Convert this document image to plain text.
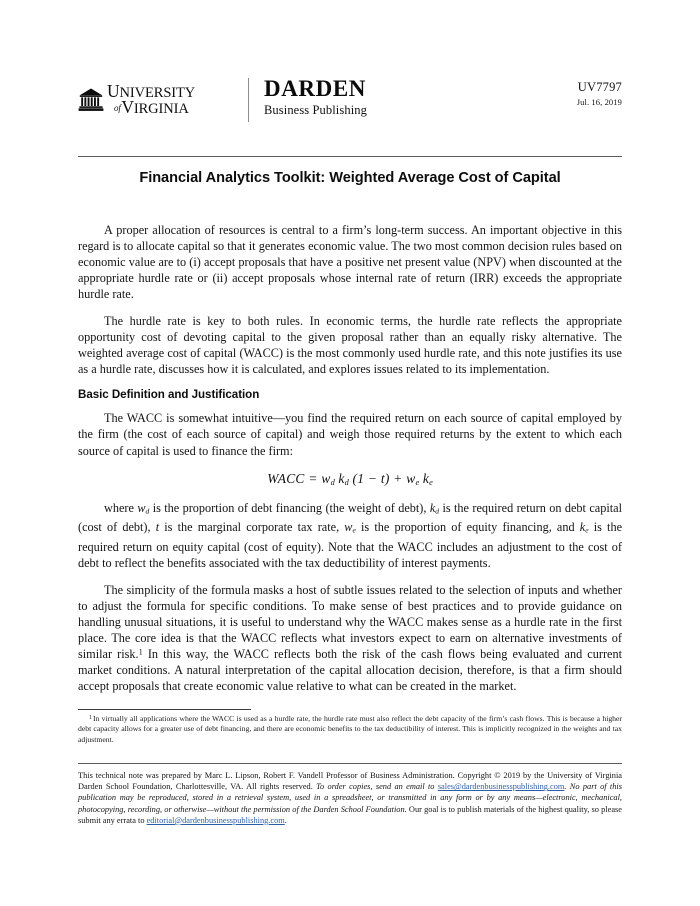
UNIVERSITY
ofVIRGINIA
DARDEN
Business Publishing
UV7797
Jul. 16, 2019
Financial Analytics Toolkit: Weighted Average Cost of Capital

A proper allocation of resources is central to a firm’s long-term success. An important objective in this regard is to allocate capital so that it generates economic value. The two most common decision rules based on economic value are to (i) accept proposals that have a positive net present value (NPV) when discounted at the appropriate hurdle rate or (ii) accept proposals whose internal rate of return (IRR) exceeds the appropriate hurdle rate.

The hurdle rate is key to both rules. In economic terms, the hurdle rate reflects the appropriate opportunity cost of devoting capital to the given proposal rather than an equally risky alternative. The weighted average cost of capital (WACC) is the most commonly used hurdle rate, and this note justifies its use as a hurdle rate, discusses how it is calculated, and explores issues related to its implementation.

Basic Definition and Justification

The WACC is somewhat intuitive—you find the required return on each source of capital employed by the firm (the cost of each source of capital) and weigh those required returns by the extent to which each source of capital is used to finance the firm:

WACC = $w_d$ $k_d$ $(1 - t) + w_e$ $k_e$

where $w_d$ is the proportion of debt financing (the weight of debt), $k_d$ is the required return on debt capital (cost of debt), t is the marginal corporate tax rate, $w_e$ is the proportion of equity financing, and $k_e$ is the required return on equity capital (cost of equity). Note that the WACC includes an adjustment to the cost of debt to reflect the benefits associated with the tax deductibility of interest payments.

The simplicity of the formula masks a host of subtle issues related to the selection of inputs and whether to adjust the formula for specific conditions. To make sense of best practices and to provide guidance on handling unusual situations, it is useful to understand why the WACC makes sense as a hurdle rate in the first place. The core idea is that the WACC reflects what investors expect to earn on alternative investments of similar risk.$^1$ In this way, the WACC reflects both the risk of the cash flows being evaluated and current market conditions. A natural interpretation of the capital allocation decision, therefore, is that a firm should accept proposals that create economic value relative to what can be created in the market.

$^1$In virtually all applications where the WACC is used as a hurdle rate, the hurdle rate must also reflect the debt capacity of the firm’s cash flows. This is because a higher debt capacity allows for a greater use of debt financing, and there are economic benefits to the tax deductibility of interest. This is implicitly recognized in the weights and tax adjustment.
This technical note was prepared by Marc L. Lipson, Robert F. Vandell Professor of Business Administration. Copyright © 2019 by the University of Virginia Darden School Foundation, Charlottesville, VA. All rights reserved. To order copies, send an email to sales@dardenbusinesspublishing.com. No part of this publication may be reproduced, stored in a retrieval system, used in a spreadsheet, or transmitted in any form or by any means—electronic, mechanical, photocopying, recording, or otherwise—without the permission of the Darden School Foundation. Our goal is to publish materials of the highest quality, so please submit any errata to editorial@dardenbusinesspublishing.com.
